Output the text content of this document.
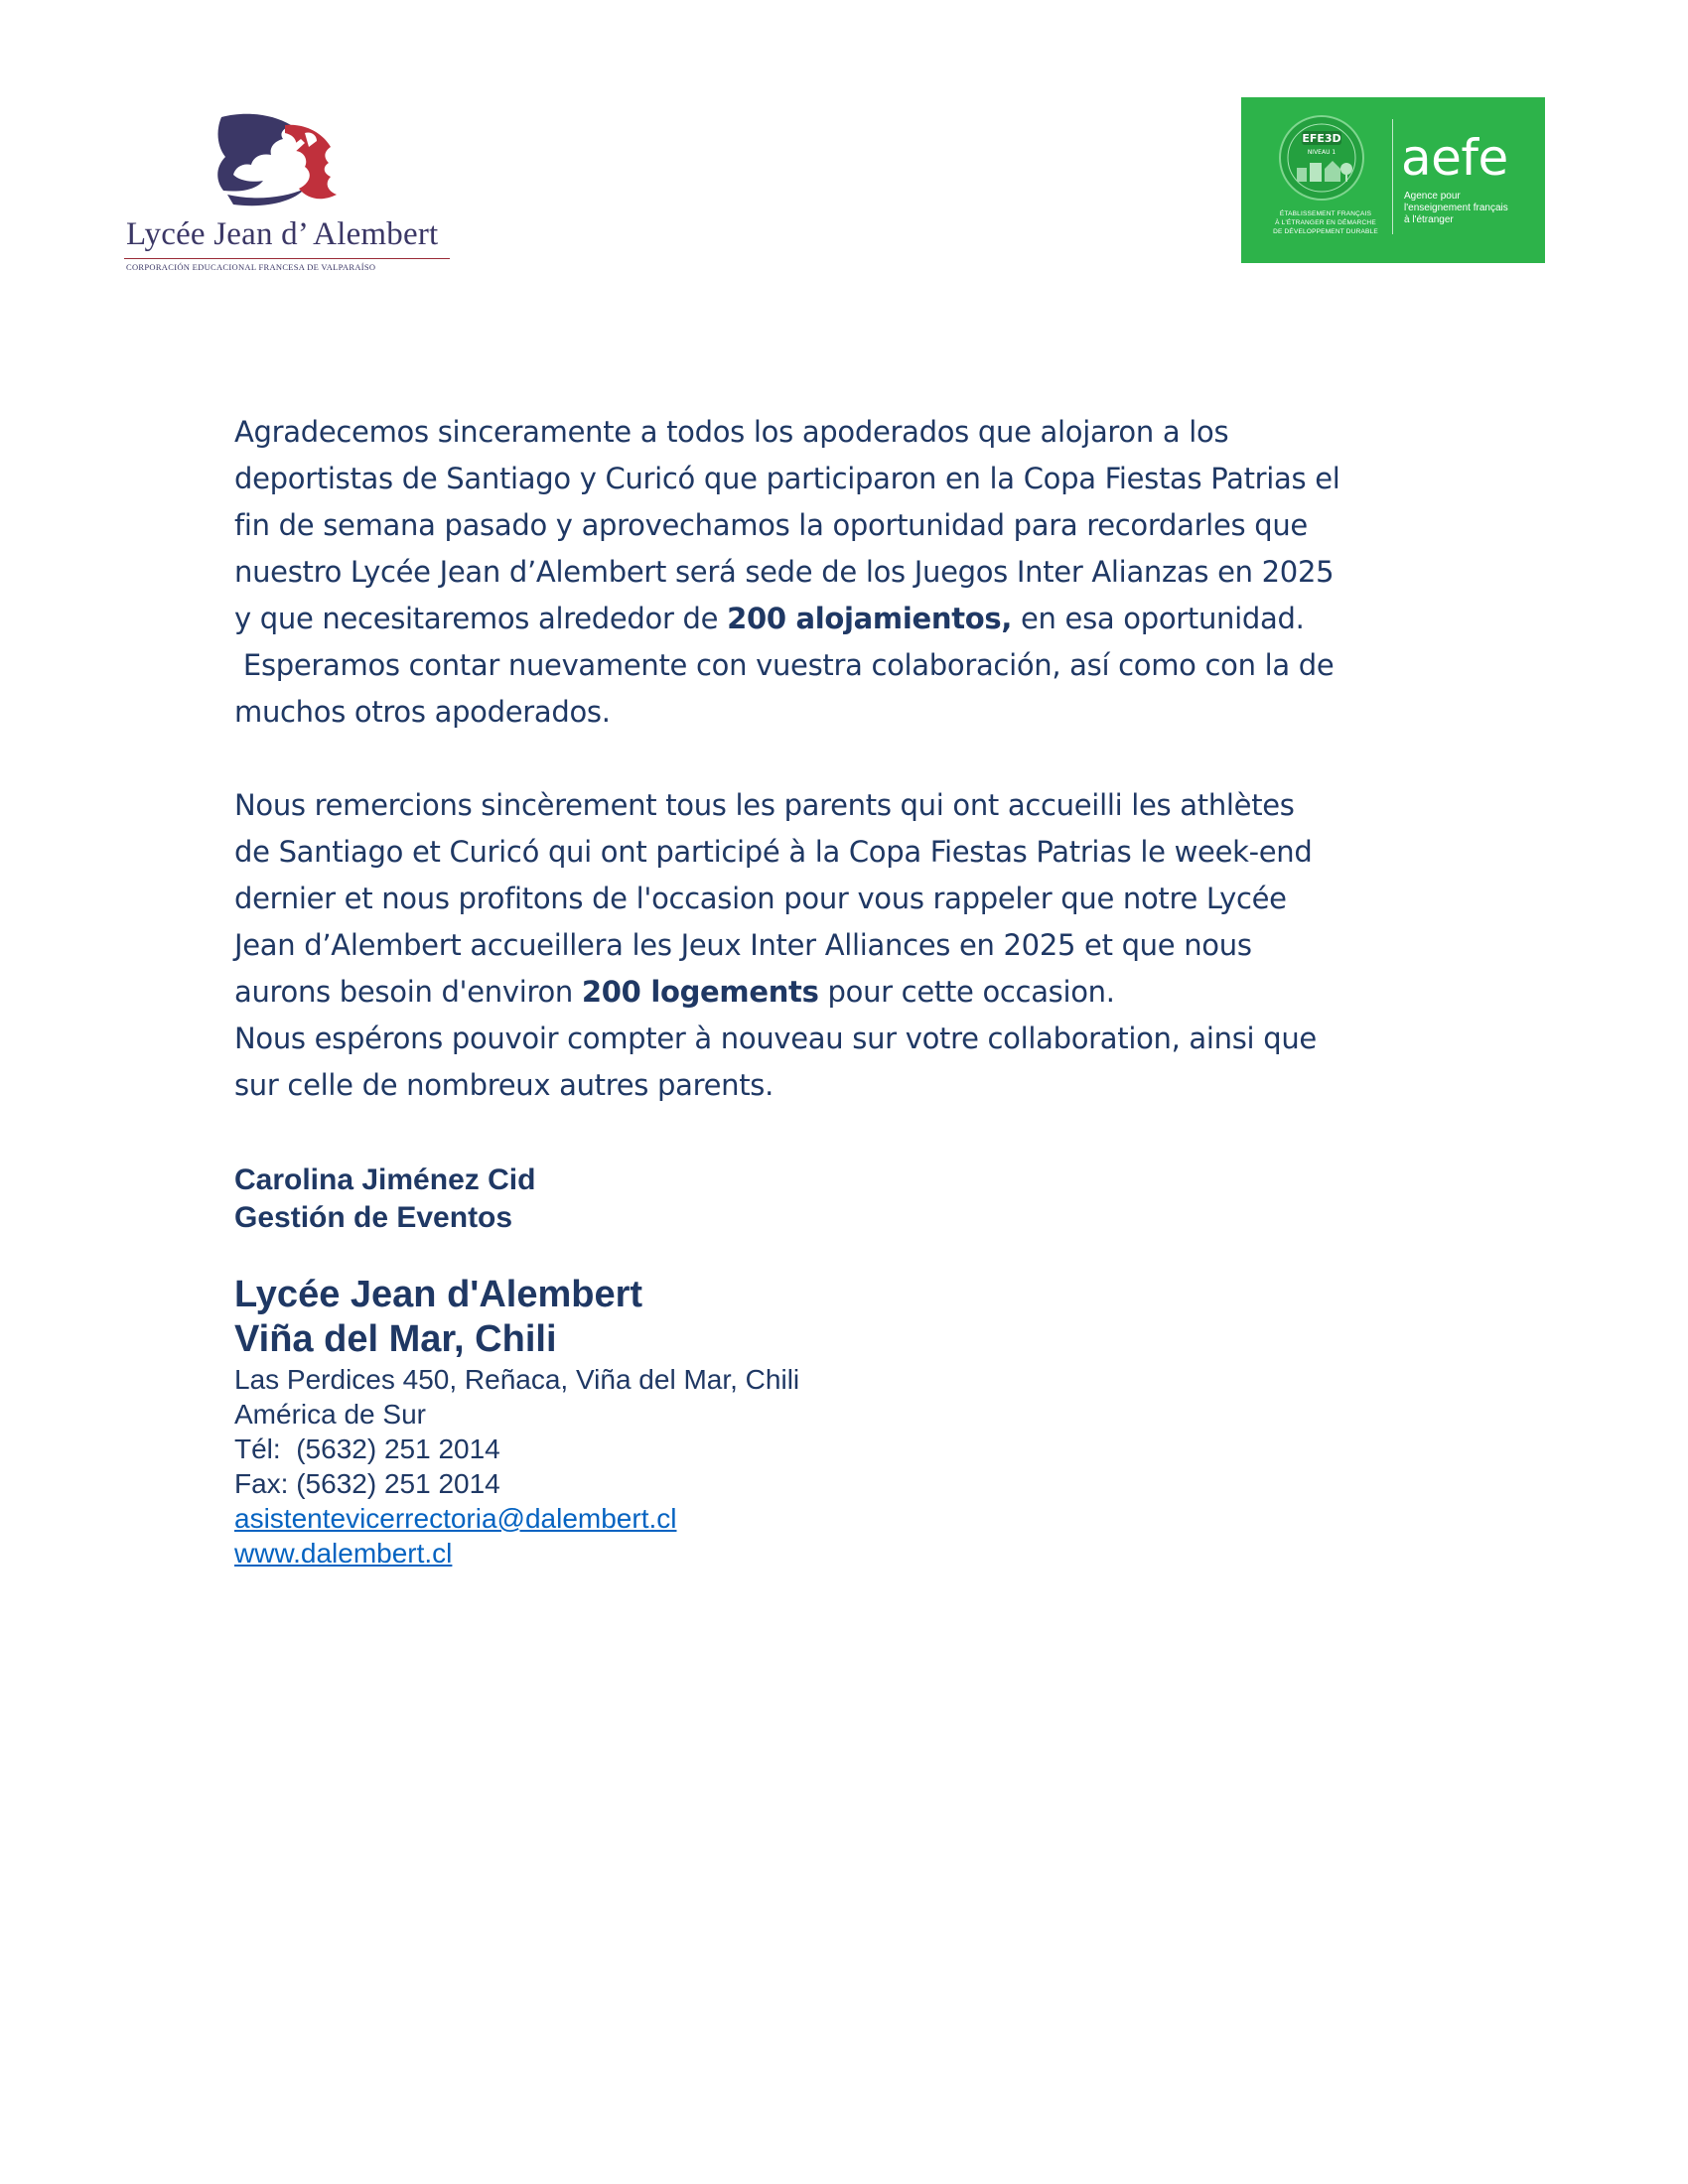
Lycée Jean d’ Alembert
CORPORACIÓN EDUCACIONAL FRANCESA DE VALPARAÍSO
EFE3D
NIVEAU 1
ÉTABLISSEMENT FRANÇAIS
À L'ÉTRANGER EN DÉMARCHE
DE DÉVELOPPEMENT DURABLE
aefe
Agence pour
l'enseignement français
à l'étranger
Agradecemos sinceramente a todos los apoderados que alojaron a los
deportistas de Santiago y Curicó que participaron en la Copa Fiestas Patrias el
fin de semana pasado y aprovechamos la oportunidad para recordarles que
nuestro Lycée Jean d’Alembert será sede de los Juegos Inter Alianzas en 2025
y que necesitaremos alrededor de 200 alojamientos, en esa oportunidad.
Esperamos contar nuevamente con vuestra colaboración, así como con la de
muchos otros apoderados.
Nous remercions sincèrement tous les parents qui ont accueilli les athlètes
de Santiago et Curicó qui ont participé à la Copa Fiestas Patrias le week-end
dernier et nous profitons de l'occasion pour vous rappeler que notre Lycée
Jean d’Alembert accueillera les Jeux Inter Alliances en 2025 et que nous
aurons besoin d'environ 200 logements pour cette occasion.
Nous espérons pouvoir compter à nouveau sur votre collaboration, ainsi que
sur celle de nombreux autres parents.
Carolina Jiménez Cid
Gestión de Eventos
Lycée Jean d'Alembert
Viña del Mar, Chili
Las Perdices 450, Reñaca, Viña del Mar, Chili
América de Sur
Tél:  (5632) 251 2014
Fax: (5632) 251 2014
asistentevicerrectoria@dalembert.cl
www.dalembert.cl
